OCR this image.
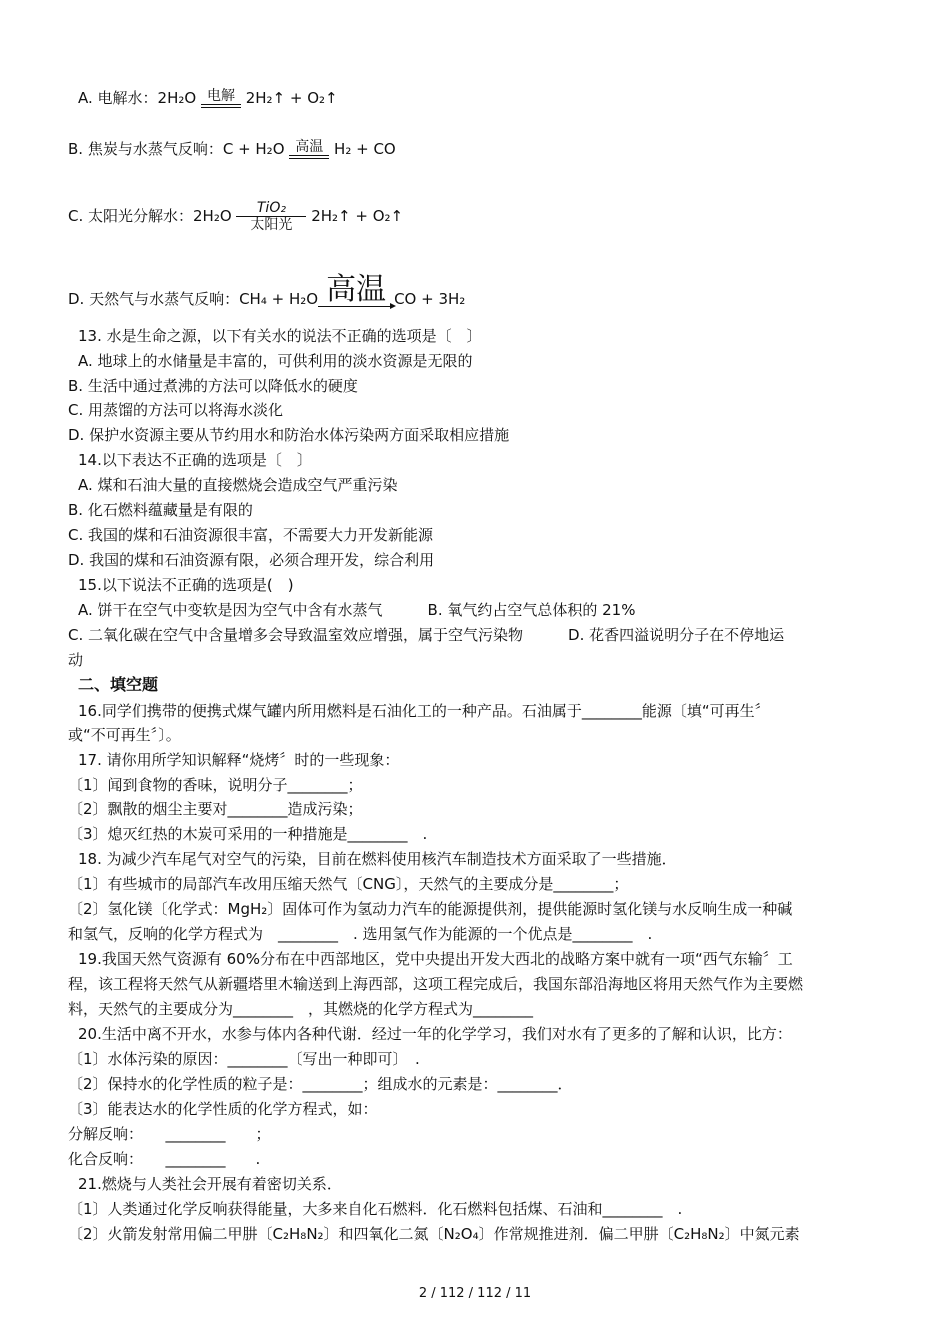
A. 电解水：2H₂O 电解 2H₂↑ + O₂↑
B. 焦炭与水蒸气反响：C + H₂O 高温 H₂ + CO
C. 太阳光分解水：2H₂O	TiO₂
太阳光 2H₂↑ + O₂↑
D. 天然气与水蒸气反响：CH₄ + H₂O 高温 CO + 3H₂
13. 水是生命之源，以下有关水的说法不正确的选项是〔　〕
A. 地球上的水储量是丰富的，可供利用的淡水资源是无限的
B. 生活中通过煮沸的方法可以降低水的硬度
C. 用蒸馏的方法可以将海水淡化
D. 保护水资源主要从节约用水和防治水体污染两方面采取相应措施
14.以下表达不正确的选项是〔　〕
A. 煤和石油大量的直接燃烧会造成空气严重污染
B. 化石燃料蕴藏量是有限的
C. 我国的煤和石油资源很丰富，不需要大力开发新能源
D. 我国的煤和石油资源有限，必须合理开发，综合利用
15.以下说法不正确的选项是(　)
A. 饼干在空气中变软是因为空气中含有水蒸气　　　B. 氧气约占空气总体积的 21%
C. 二氧化碳在空气中含量增多会导致温室效应增强，属于空气污染物　　　D. 花香四溢说明分子在不停地运
动
二、填空题
16.同学们携带的便携式煤气罐内所用燃料是石油化工的一种产品。石油属于________能源〔填“可再生〞
或“不可再生〞〕。
17. 请你用所学知识解释“烧烤〞时的一些现象：
〔1〕闻到食物的香味，说明分子________；
〔2〕飘散的烟尘主要对________造成污染；
〔3〕熄灭红热的木炭可采用的一种措施是________　.
18. 为减少汽车尾气对空气的污染，目前在燃料使用核汽车制造技术方面采取了一些措施．
〔1〕有些城市的局部汽车改用压缩天然气〔CNG〕，天然气的主要成分是________；
〔2〕氢化镁〔化学式：MgH₂〕固体可作为氢动力汽车的能源提供剂，提供能源时氢化镁与水反响生成一种碱
和氢气，反响的化学方程式为　________　. 选用氢气作为能源的一个优点是________　.
19.我国天然气资源有 60%分布在中西部地区，党中央提出开发大西北的战略方案中就有一项“西气东输〞工
程，该工程将天然气从新疆塔里木输送到上海西部，这项工程完成后，我国东部沿海地区将用天然气作为主要燃
料，天然气的主要成分为________　，其燃烧的化学方程式为________
20.生活中离不开水，水参与体内各种代谢．经过一年的化学学习，我们对水有了更多的了解和认识，比方：
〔1〕水体污染的原因：________〔写出一种即可〕　.
〔2〕保持水的化学性质的粒子是：________；组成水的元素是：________．
〔3〕能表达水的化学性质的化学方程式，如：
分解反响：　　________　　；
化合反响：　　________　　.
21.燃烧与人类社会开展有着密切关系．
〔1〕人类通过化学反响获得能量，大多来自化石燃料．化石燃料包括煤、石油和________　.
〔2〕火箭发射常用偏二甲肼〔C₂H₈N₂〕和四氧化二氮〔N₂O₄〕作常规推进剂．偏二甲肼〔C₂H₈N₂〕中氮元素
2 / 112 / 112 / 11
